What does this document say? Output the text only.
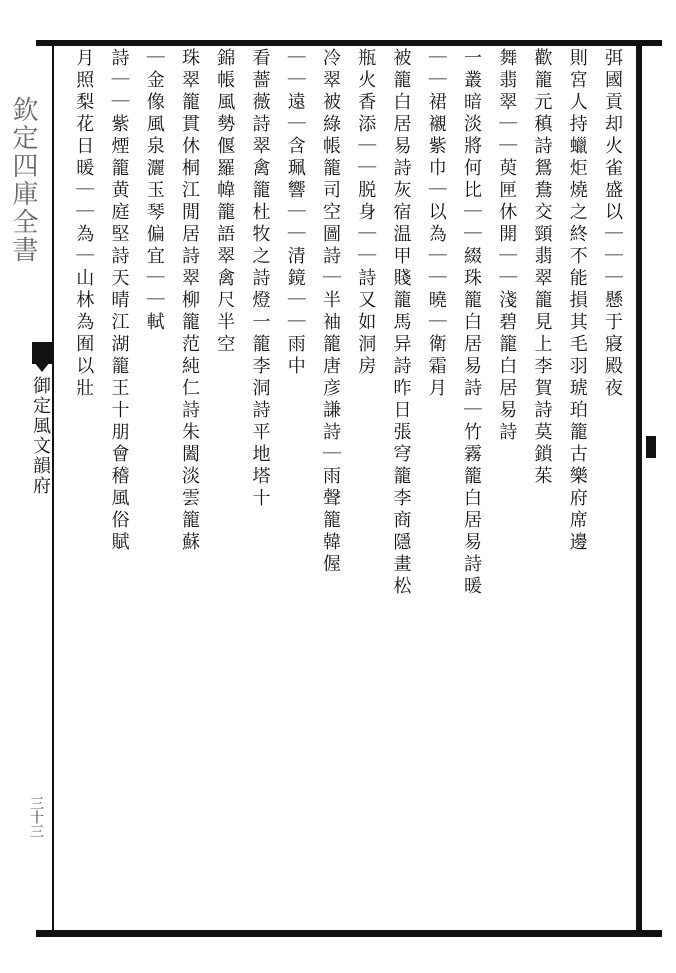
欽定四庫全書
御定風文韻府
三十三
弭國貢却火雀盛以｜｜｜懸于寢殿夜
則宮人持蠟炬燒之終不能損其毛羽琥珀籠古樂府席邊
歡籠元稹詩鴛鴦交頸翡翠籠見上李賀詩莫鎖茱
舞翡翠｜｜萸匣休開｜｜淺碧籠白居易詩
一叢暗淡將何比｜｜綴珠籠白居易詩｜竹霧籠白居易詩暖
｜｜裙襯紫巾｜以為｜｜曉｜衛霜月
被籠白居易詩灰宿温甲賤籠馬异詩昨日張穹籠李商隱畫松
瓶火香添｜｜脱身｜｜詩又如洞房
冷翠被綠帳籠司空圖詩｜半袖籠唐彦謙詩｜雨聲籠韓偓
｜｜遠｜含珮響｜｜清鏡｜｜雨中
看薔薇詩翠禽籠杜牧之詩燈一籠李洞詩平地塔十
錦帳風勢偃羅幃籠語翠禽尺半空
珠翠籠貫休桐江閒居詩翠柳籠范純仁詩朱闔淡雲籠蘇
｜金像風泉灑玉琴偏宜｜｜軾
詩｜｜紫煙籠黄庭堅詩天晴江湖籠王十朋會稽風俗賦
月照梨花日暖｜｜為｜山林為囿以壯
